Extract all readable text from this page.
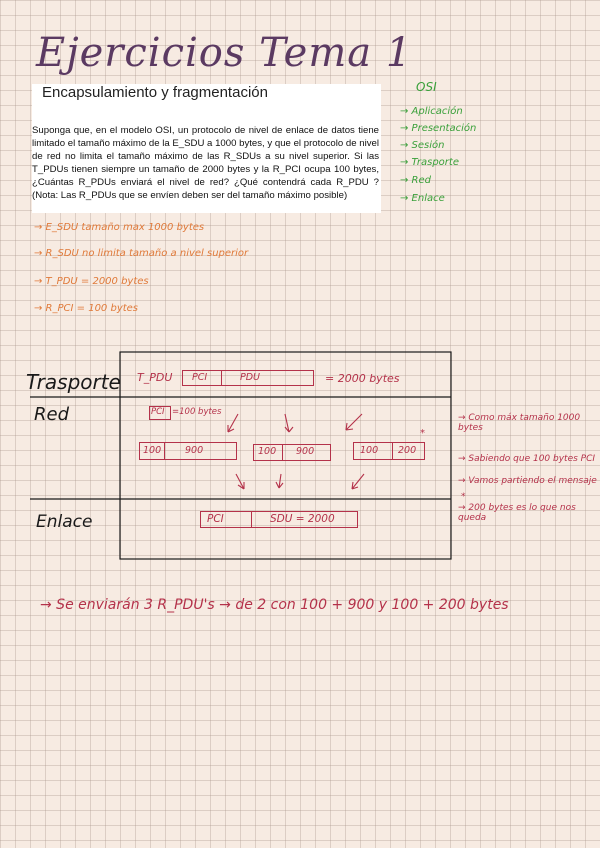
Ejercicios Tema 1
Encapsulamiento y fragmentación
Suponga que, en el modelo OSI, un protocolo de nivel de enlace de datos tiene limitado el tamaño máximo de la E_SDU a 1000 bytes, y que el protocolo de nivel de red no limita el tamaño máximo de las R_SDUs a su nivel superior. Si las T_PDUs tienen siempre un tamaño de 2000 bytes y la R_PCI ocupa 100 bytes, ¿Cuántas R_PDUs enviará el nivel de red? ¿Qué contendrá cada R_PDU ? (Nota: Las R_PDUs que se envíen deben ser del tamaño máximo posible)
OSI
→ Aplicación
→ Presentación
→ Sesión
→ Trasporte
→ Red
→ Enlace
→ E_SDU tamaño max 1000 bytes
→ R_SDU no limita tamaño a nivel superior
→ T_PDU = 2000 bytes
→ R_PCI = 100 bytes
Trasporte
Red
Enlace
T_PDU PCI	PDU	= 2000 bytes
PCI =100 bytes
100	900	100 900	100 200
*
PCI	SDU = 2000
→ Como máx tamaño 1000 bytes
→ Sabiendo que 100 bytes PCI
→ Vamos partiendo el mensaje
*
→ 200 bytes es lo que nos queda
→ Se enviarán 3 R_PDU's → de 2 con 100 + 900 y 100 + 200 bytes
